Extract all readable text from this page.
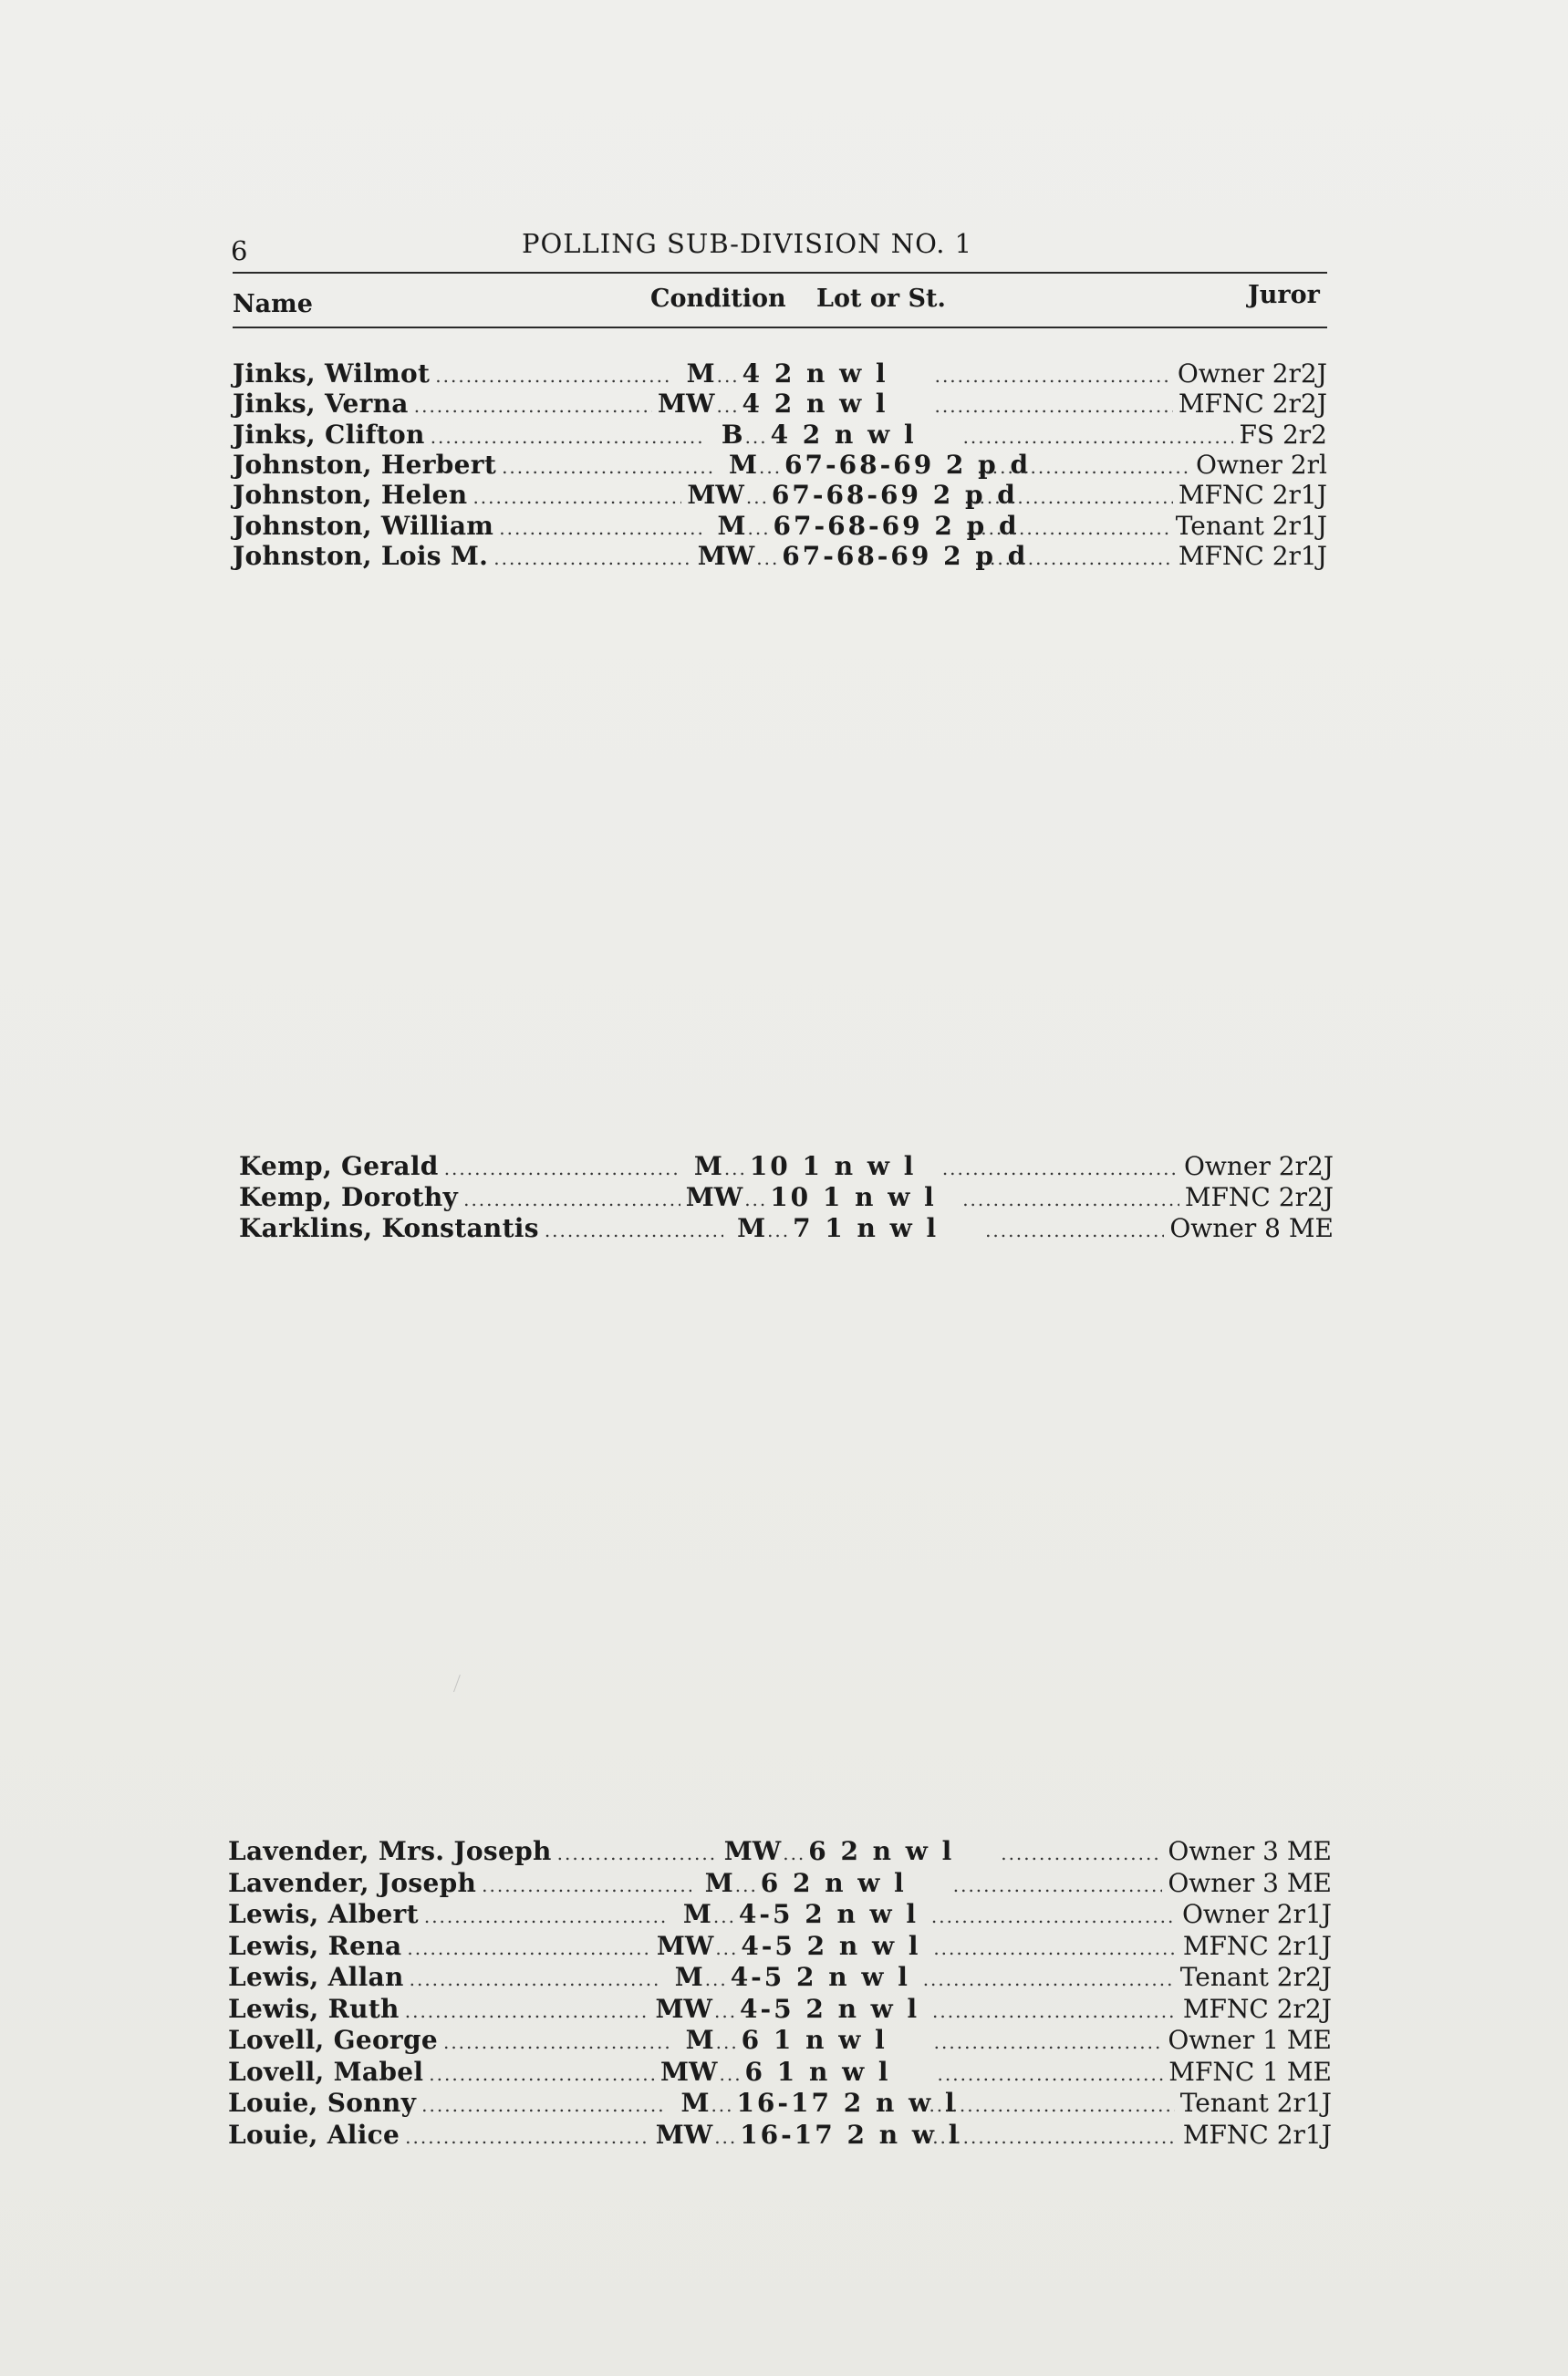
6	POLLING SUB-DIVISION NO. 1
Name	Condition Lot or St.	Juror
Jinks, Wilmot .....	M ..... 4 2 n w l .....	Owner 2r2J
Jinks, Verna .....	MW ..... 4 2 n w l .....	MFNC 2r2J
Jinks, Clifton .....	B ..... 4 2 n w l .....	FS 2r2
Johnston, Herbert .....	M ..... 67-68-69 2 p d .....	Owner 2rl
Johnston, Helen .....	MW ..... 67-68-69 2 p d .....	MFNC 2r1J
Johnston, William .....	M ..... 67-68-69 2 p d .....	Tenant 2r1J
Johnston, Lois M. .....	MW ..... 67-68-69 2 p d .....	MFNC 2r1J
Kemp, Gerald .....	M ..... 10 1 n w l .....	Owner 2r2J
Kemp, Dorothy .....	MW ..... 10 1 n w l .....	MFNC 2r2J
Karklins, Konstantis .....	M ..... 7 1 n w l .....	Owner 8 ME
Lavender, Mrs. Joseph .....	MW ..... 6 2 n w l .....	Owner 3 ME
Lavender, Joseph .....	M ..... 6 2 n w l .....	Owner 3 ME
Lewis, Albert .....	M ..... 4-5 2 n w l .....	Owner 2r1J
Lewis, Rena .....	MW ..... 4-5 2 n w l .....	MFNC 2r1J
Lewis, Allan .....	M ..... 4-5 2 n w l .....	Tenant 2r2J
Lewis, Ruth .....	MW ..... 4-5 2 n w l .....	MFNC 2r2J
Lovell, George .....	M ..... 6 1 n w l .....	Owner 1 ME
Lovell, Mabel .....	MW ..... 6 1 n w l .....	MFNC 1 ME
Louie, Sonny .....	M ..... 16-17 2 n w l .....	Tenant 2r1J
Louie, Alice .....	MW ..... 16-17 2 n w l .....	MFNC 2r1J
